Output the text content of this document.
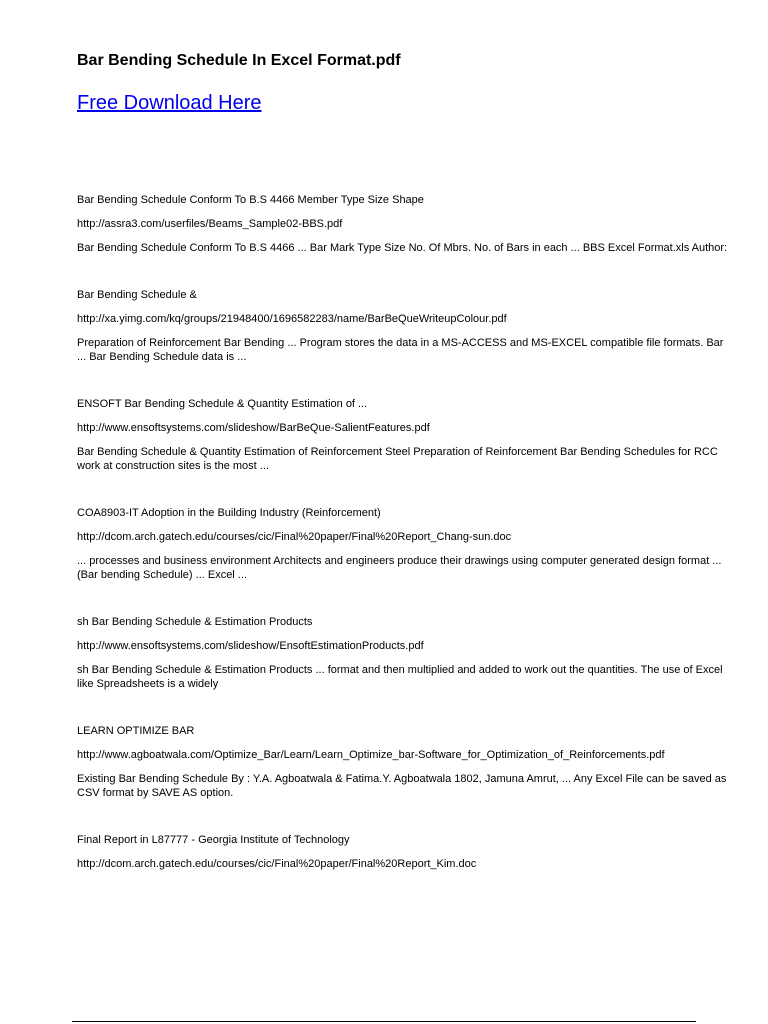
Bar Bending Schedule In Excel Format.pdf
Free Download Here

Bar Bending Schedule Conform To B.S 4466 Member Type Size Shape

http://assra3.com/userfiles/Beams_Sample02-BBS.pdf

Bar Bending Schedule Conform To B.S 4466 ... Bar Mark Type Size No. Of Mbrs. No. of Bars in each ... BBS Excel Format.xls Author:

Bar Bending Schedule &

http://xa.yimg.com/kq/groups/21948400/1696582283/name/BarBeQueWriteupColour.pdf

Preparation of Reinforcement Bar Bending ... Program stores the data in a MS-ACCESS and MS-EXCEL compatible file formats. Bar ... Bar Bending Schedule data is ...

ENSOFT Bar Bending Schedule & Quantity Estimation of ...

http://www.ensoftsystems.com/slideshow/BarBeQue-SalientFeatures.pdf

Bar Bending Schedule & Quantity Estimation of Reinforcement Steel Preparation of Reinforcement Bar Bending Schedules for RCC work at construction sites is the most ...

COA8903-IT Adoption in the Building Industry (Reinforcement)

http://dcom.arch.gatech.edu/courses/cic/Final%20paper/Final%20Report_Chang-sun.doc

... processes and business environment Architects and engineers produce their drawings using computer generated design format ... (Bar bending Schedule) ... Excel ...

sh Bar Bending Schedule & Estimation Products

http://www.ensoftsystems.com/slideshow/EnsoftEstimationProducts.pdf

sh Bar Bending Schedule & Estimation Products ... format and then multiplied and added to work out the quantities. The use of Excel like Spreadsheets is a widely

LEARN OPTIMIZE BAR

http://www.agboatwala.com/Optimize_Bar/Learn/Learn_Optimize_bar-Software_for_Optimization_of_Reinforcements.pdf

Existing Bar Bending Schedule By : Y.A. Agboatwala & Fatima.Y. Agboatwala 1802, Jamuna Amrut, ... Any Excel File can be saved as CSV format by SAVE AS option.

Final Report in L87777 - Georgia Institute of Technology

http://dcom.arch.gatech.edu/courses/cic/Final%20paper/Final%20Report_Kim.doc
